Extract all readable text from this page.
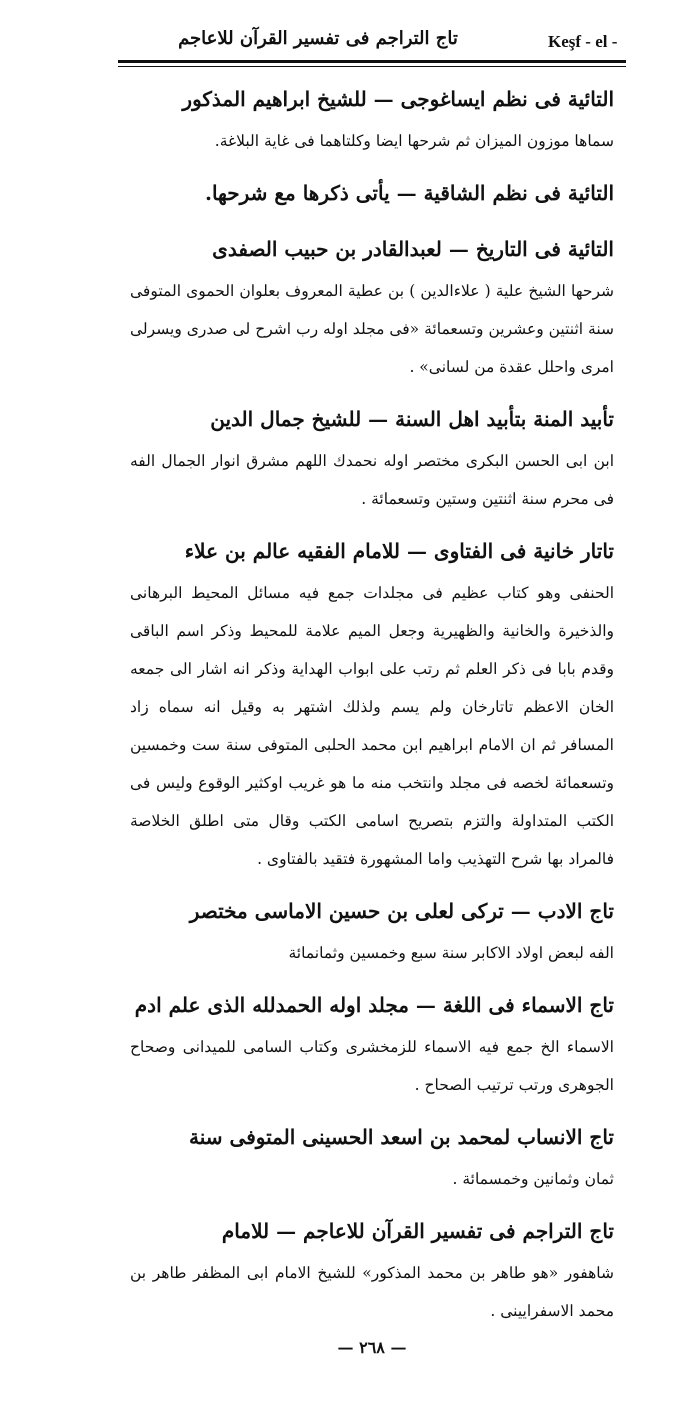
Keşf - el -
تاج التراجم فى تفسير القرآن للاعاجم
التائية فى نظم ايساغوجى — للشيخ ابراهيم المذكور
سماها موزون الميزان ثم شرحها ايضا وكلتاهما فى غاية البلاغة.
التائية فى نظم الشاقية — يأتى ذكرها مع شرحها.
التائية فى التاريخ — لعبدالقادر بن حبيب الصفدى
شرحها الشيخ علية ( علاءالدين ) بن عطية المعروف بعلوان الحموى المتوفى سنة اثنتين وعشرين وتسعمائة «فى مجلد اوله رب اشرح لى صدرى ويسرلى امرى واحلل عقدة من لسانى» .
تأبيد المنة بتأبيد اهل السنة — للشيخ جمال الدين
ابن ابى الحسن البكرى مختصر اوله نحمدك اللهم مشرق انوار الجمال الفه فى محرم سنة اثنتين وستين وتسعمائة .
تاتار خانية فى الفتاوى — للامام الفقيه عالم بن علاء
الحنفى وهو كتاب عظيم فى مجلدات جمع فيه مسائل المحيط البرهانى والذخيرة والخانية والظهيرية وجعل الميم علامة للمحيط وذكر اسم الباقى وقدم بابا فى ذكر العلم ثم رتب على ابواب الهداية وذكر انه اشار الى جمعه الخان الاعظم تاتارخان ولم يسم ولذلك اشتهر به وقيل انه سماه زاد المسافر ثم ان الامام ابراهيم ابن محمد الحلبى المتوفى سنة ست وخمسين وتسعمائة لخصه فى مجلد وانتخب منه ما هو غريب اوكثير الوقوع وليس فى الكتب المتداولة والتزم بتصريح اسامى الكتب وقال متى اطلق الخلاصة فالمراد بها شرح التهذيب واما المشهورة فتقيد بالفتاوى .
تاج الادب — تركى لعلى بن حسين الاماسى مختصر
الفه لبعض اولاد الاكابر سنة سبع وخمسين وثمانمائة
تاج الاسماء فى اللغة — مجلد اوله الحمدلله الذى علم ادم
الاسماء الخ جمع فيه الاسماء للزمخشرى وكتاب السامى للميدانى وصحاح الجوهرى ورتب ترتيب الصحاح .
تاج الانساب لمحمد بن اسعد الحسينى المتوفى سنة
ثمان وثمانين وخمسمائة .
تاج التراجم فى تفسير القرآن للاعاجم — للامام
شاهفور «هو طاهر بن محمد المذكور» للشيخ الامام ابى المظفر طاهر بن محمد الاسفرايينى .
— ٢٦٨ —
